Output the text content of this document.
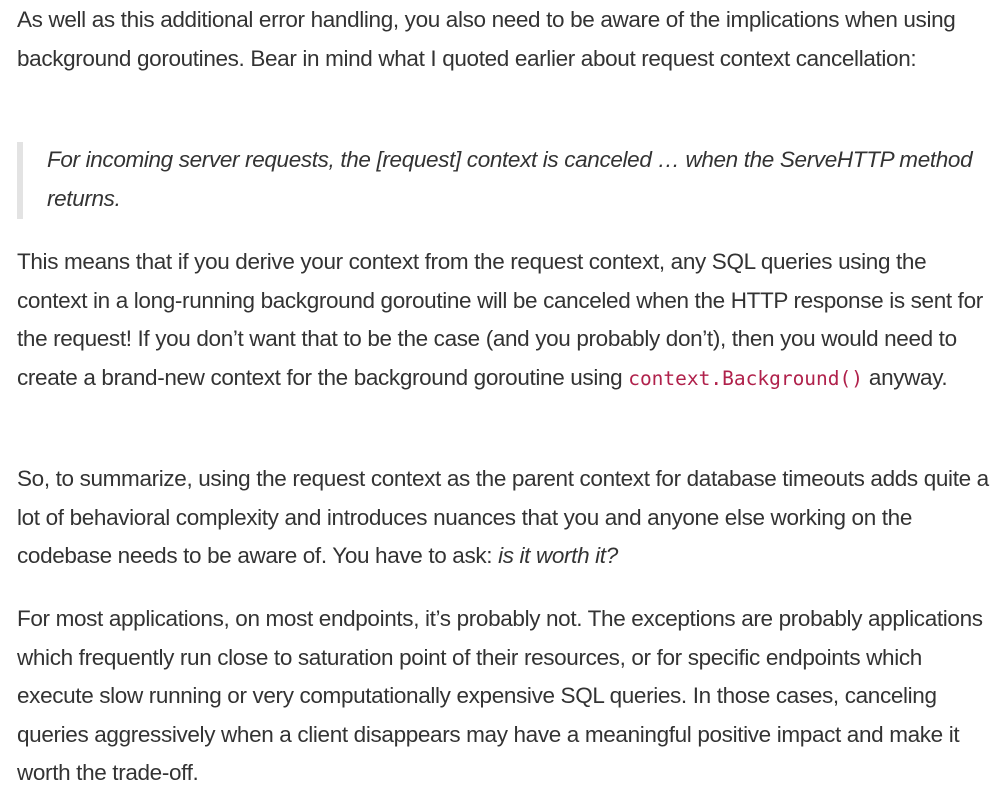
As well as this additional error handling, you also need to be aware of the implications when using background goroutines. Bear in mind what I quoted earlier about request context cancellation:

For incoming server requests, the [request] context is canceled … when the ServeHTTP method returns.

This means that if you derive your context from the request context, any SQL queries using the context in a long-running background goroutine will be canceled when the HTTP response is sent for the request! If you don’t want that to be the case (and you probably don’t), then you would need to create a brand-new context for the background goroutine using context.Background() anyway.

So, to summarize, using the request context as the parent context for database timeouts adds quite a lot of behavioral complexity and introduces nuances that you and anyone else working on the codebase needs to be aware of. You have to ask: is it worth it?

For most applications, on most endpoints, it’s probably not. The exceptions are probably applications which frequently run close to saturation point of their resources, or for specific endpoints which execute slow running or very computationally expensive SQL queries. In those cases, canceling queries aggressively when a client disappears may have a meaningful positive impact and make it worth the trade-off.
